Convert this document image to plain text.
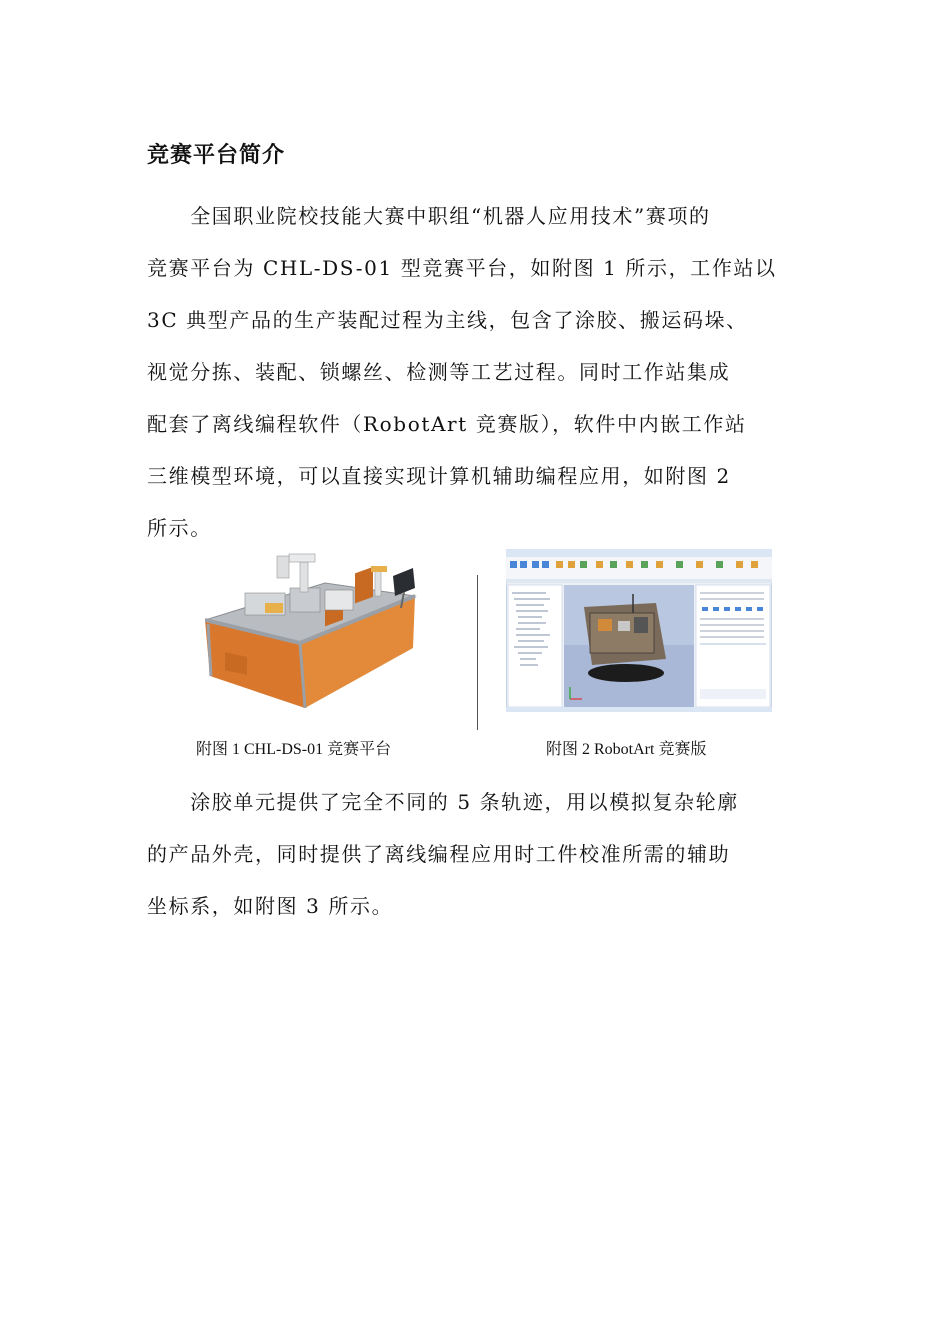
竞赛平台简介
　　全国职业院校技能大赛中职组“机器人应用技术”赛项的
竞赛平台为 CHL-DS-01 型竞赛平台，如附图 1 所示，工作站以
3C 典型产品的生产装配过程为主线，包含了涂胶、搬运码垛、
视觉分拣、装配、锁螺丝、检测等工艺过程。同时工作站集成
配套了离线编程软件（RobotArt 竞赛版），软件中内嵌工作站
三维模型环境，可以直接实现计算机辅助编程应用，如附图 2
所示。
附图 1 CHL-DS-01 竞赛平台	附图 2 RobotArt 竞赛版
　　涂胶单元提供了完全不同的 5 条轨迹，用以模拟复杂轮廓
的产品外壳，同时提供了离线编程应用时工件校准所需的辅助
坐标系，如附图 3 所示。
